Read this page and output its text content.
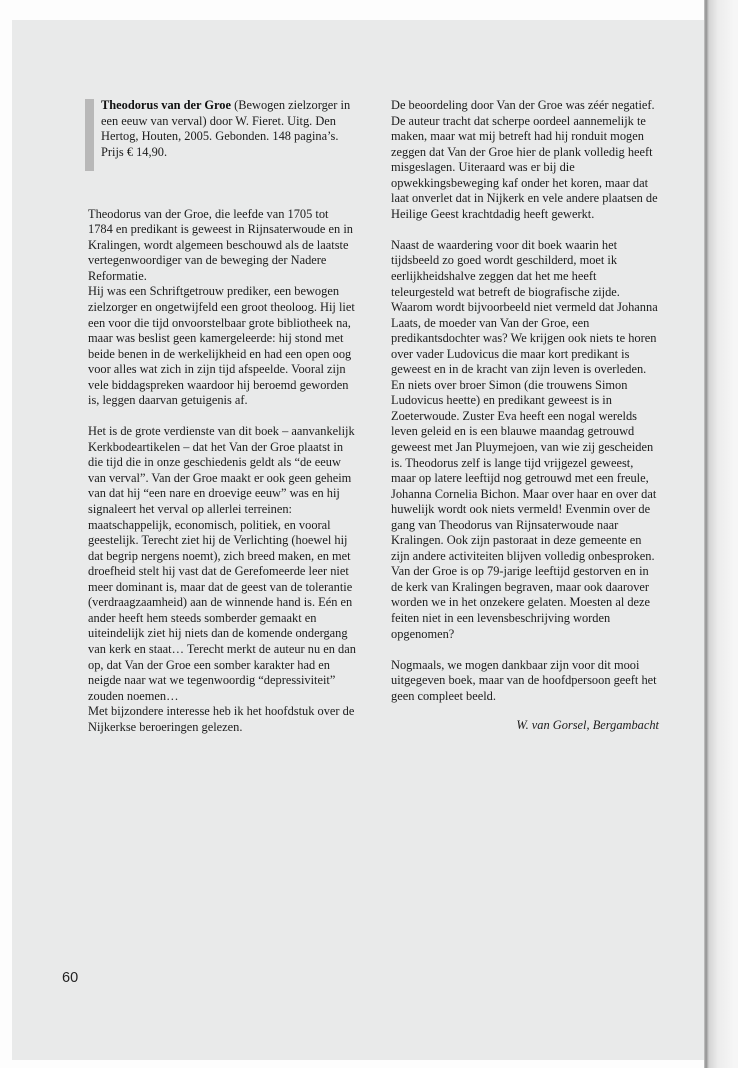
Theodorus van der Groe (Bewogen zielzorger in een eeuw van verval) door W. Fieret. Uitg. Den Hertog, Houten, 2005. Gebonden. 148 pagina’s. Prijs € 14,90.

Theodorus van der Groe, die leefde van 1705 tot 1784 en predikant is geweest in Rijnsaterwoude en in Kralingen, wordt algemeen beschouwd als de laatste vertegenwoordiger van de beweging der Nadere Reformatie.

Hij was een Schriftgetrouw prediker, een bewogen zielzorger en ongetwijfeld een groot theoloog. Hij liet een voor die tijd onvoorstelbaar grote bibliotheek na, maar was beslist geen kamergeleerde: hij stond met beide benen in de werkelijkheid en had een open oog voor alles wat zich in zijn tijd afspeelde. Vooral zijn vele biddagspreken waardoor hij beroemd geworden is, leggen daarvan getuigenis af.

Het is de grote verdienste van dit boek – aanvankelijk Kerkbodeartikelen – dat het Van der Groe plaatst in die tijd die in onze geschiedenis geldt als “de eeuw van verval”. Van der Groe maakt er ook geen geheim van dat hij “een nare en droevige eeuw” was en hij signaleert het verval op allerlei terreinen: maatschappelijk, economisch, politiek, en vooral geestelijk. Terecht ziet hij de Verlichting (hoewel hij dat begrip nergens noemt), zich breed maken, en met droefheid stelt hij vast dat de Gerefomeerde leer niet meer dominant is, maar dat de geest van de tolerantie (verdraagzaamheid) aan de winnende hand is. Eén en ander heeft hem steeds somberder gemaakt en uiteindelijk ziet hij niets dan de komende ondergang van kerk en staat… Terecht merkt de auteur nu en dan op, dat Van der Groe een somber karakter had en neigde naar wat we tegenwoordig “depressiviteit” zouden noemen…

Met bijzondere interesse heb ik het hoofdstuk over de Nijkerkse beroeringen gelezen.

De beoordeling door Van der Groe was zéér negatief. De auteur tracht dat scherpe oordeel aannemelijk te maken, maar wat mij betreft had hij ronduit mogen zeggen dat Van der Groe hier de plank volledig heeft misgeslagen. Uiteraard was er bij die opwekkingsbeweging kaf onder het koren, maar dat laat onverlet dat in Nijkerk en vele andere plaatsen de Heilige Geest krachtdadig heeft gewerkt.

Naast de waardering voor dit boek waarin het tijdsbeeld zo goed wordt geschilderd, moet ik eerlijkheidshalve zeggen dat het me heeft teleurgesteld wat betreft de biografische zijde. Waarom wordt bijvoorbeeld niet vermeld dat Johanna Laats, de moeder van Van der Groe, een predikantsdochter was? We krijgen ook niets te horen over vader Ludovicus die maar kort predikant is geweest en in de kracht van zijn leven is overleden. En niets over broer Simon (die trouwens Simon Ludovicus heette) en predikant geweest is in Zoeterwoude. Zuster Eva heeft een nogal werelds leven geleid en is een blauwe maandag getrouwd geweest met Jan Pluymejoen, van wie zij gescheiden is. Theodorus zelf is lange tijd vrijgezel geweest, maar op latere leeftijd nog getrouwd met een freule, Johanna Cornelia Bichon. Maar over haar en over dat huwelijk wordt ook niets vermeld! Evenmin over de gang van Theodorus van Rijnsaterwoude naar Kralingen. Ook zijn pastoraat in deze gemeente en zijn andere activiteiten blijven volledig onbesproken. Van der Groe is op 79-jarige leeftijd gestorven en in de kerk van Kralingen begraven, maar ook daarover worden we in het onzekere gelaten. Moesten al deze feiten niet in een levensbeschrijving worden opgenomen?

Nogmaals, we mogen dankbaar zijn voor dit mooi uitgegeven boek, maar van de hoofdpersoon geeft het geen compleet beeld.

W. van Gorsel, Bergambacht

60
